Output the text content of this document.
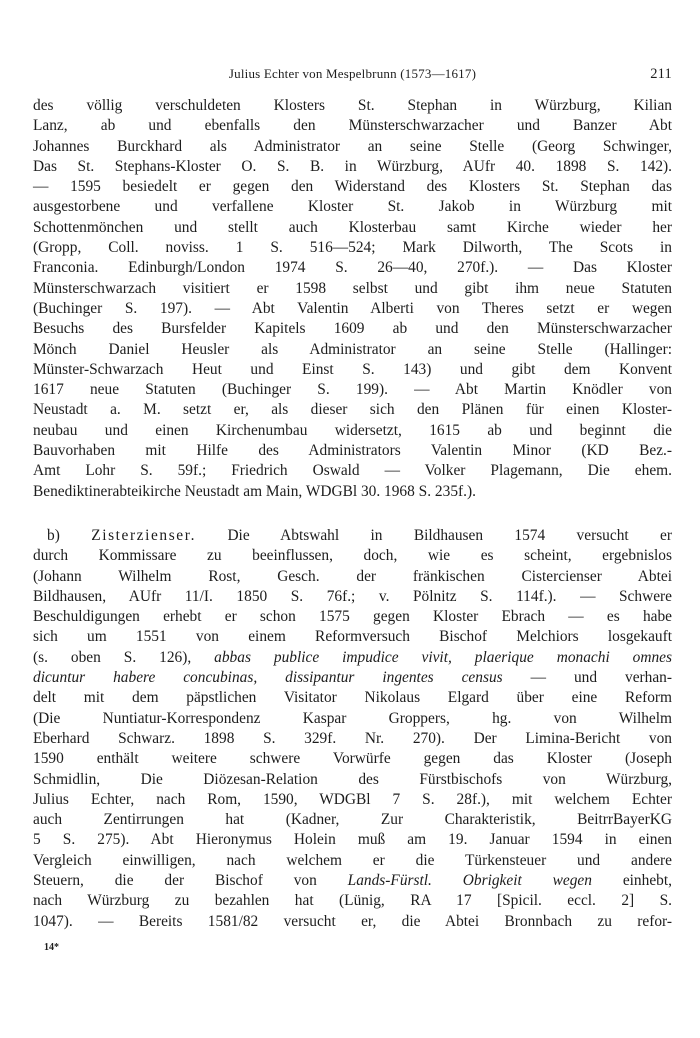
Julius Echter von Mespelbrunn (1573—1617)	211
des völlig verschuldeten Klosters St. Stephan in Würzburg, Kilian
Lanz, ab und ebenfalls den Münsterschwarzacher und Banzer Abt
Johannes Burckhard als Administrator an seine Stelle (Georg Schwinger,
Das St. Stephans-Kloster O. S. B. in Würzburg, AUfr 40. 1898 S. 142).
— 1595 besiedelt er gegen den Widerstand des Klosters St. Stephan das
ausgestorbene und verfallene Kloster St. Jakob in Würzburg mit
Schottenmönchen und stellt auch Klosterbau samt Kirche wieder her
(Gropp, Coll. noviss. 1 S. 516—524; Mark Dilworth, The Scots in
Franconia. Edinburgh/London 1974 S. 26—40, 270f.). — Das Kloster
Münsterschwarzach visitiert er 1598 selbst und gibt ihm neue Statuten
(Buchinger S. 197). — Abt Valentin Alberti von Theres setzt er wegen
Besuchs des Bursfelder Kapitels 1609 ab und den Münsterschwarzacher
Mönch Daniel Heusler als Administrator an seine Stelle (Hallinger:
Münster-Schwarzach Heut und Einst S. 143) und gibt dem Konvent
1617 neue Statuten (Buchinger S. 199). — Abt Martin Knödler von
Neustadt a. M. setzt er, als dieser sich den Plänen für einen Kloster-
neubau und einen Kirchenumbau widersetzt, 1615 ab und beginnt die
Bauvorhaben mit Hilfe des Administrators Valentin Minor (KD Bez.-
Amt Lohr S. 59f.; Friedrich Oswald — Volker Plagemann, Die ehem.
Benediktinerabteikirche Neustadt am Main, WDGBl 30. 1968 S. 235f.).
b) Zisterzienser. Die Abtswahl in Bildhausen 1574 versucht er
durch Kommissare zu beeinflussen, doch, wie es scheint, ergebnislos
(Johann Wilhelm Rost, Gesch. der fränkischen Cistercienser Abtei
Bildhausen, AUfr 11/I. 1850 S. 76f.; v. Pölnitz S. 114f.). — Schwere
Beschuldigungen erhebt er schon 1575 gegen Kloster Ebrach — es habe
sich um 1551 von einem Reformversuch Bischof Melchiors losgekauft
(s. oben S. 126), abbas publice impudice vivit, plaerique monachi omnes
dicuntur habere concubinas, dissipantur ingentes census — und verhan-
delt mit dem päpstlichen Visitator Nikolaus Elgard über eine Reform
(Die Nuntiatur-Korrespondenz Kaspar Groppers, hg. von Wilhelm
Eberhard Schwarz. 1898 S. 329f. Nr. 270). Der Limina-Bericht von
1590 enthält weitere schwere Vorwürfe gegen das Kloster (Joseph
Schmidlin, Die Diözesan-Relation des Fürstbischofs von Würzburg,
Julius Echter, nach Rom, 1590, WDGBl 7 S. 28f.), mit welchem Echter
auch Zentirrungen hat (Kadner, Zur Charakteristik, BeitrrBayerKG
5 S. 275). Abt Hieronymus Holein muß am 19. Januar 1594 in einen
Vergleich einwilligen, nach welchem er die Türkensteuer und andere
Steuern, die der Bischof von Lands-Fürstl. Obrigkeit wegen einhebt,
nach Würzburg zu bezahlen hat (Lünig, RA 17 [Spicil. eccl. 2] S.
1047). — Bereits 1581/82 versucht er, die Abtei Bronnbach zu refor-
14*
